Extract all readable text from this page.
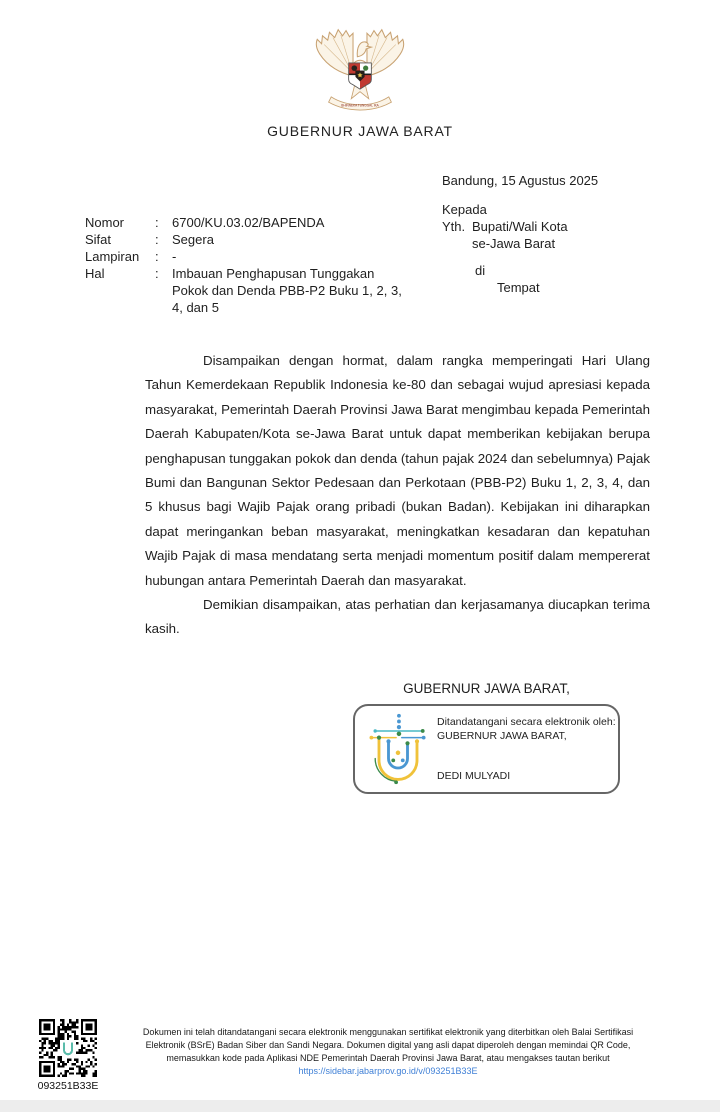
BHINNEKA TUNGGAL IKA
GUBERNUR JAWA BARAT
Nomor	:	6700/KU.03.02/BAPENDA
Sifat	:	Segera
Lampiran	:	-
Hal	:	Imbauan Penghapusan Tunggakan Pokok dan Denda PBB-P2 Buku 1, 2, 3, 4, dan 5
Bandung, 15 Agustus 2025
Kepada
Yth. Bupati/Wali Kota
se-Jawa Barat
di
Tempat

Disampaikan dengan hormat, dalam rangka memperingati Hari Ulang Tahun Kemerdekaan Republik Indonesia ke-80 dan sebagai wujud apresiasi kepada masyarakat, Pemerintah Daerah Provinsi Jawa Barat mengimbau kepada Pemerintah Daerah Kabupaten/Kota se-Jawa Barat untuk dapat memberikan kebijakan berupa penghapusan tunggakan pokok dan denda (tahun pajak 2024 dan sebelumnya) Pajak Bumi dan Bangunan Sektor Pedesaan dan Perkotaan (PBB-P2) Buku 1, 2, 3, 4, dan 5 khusus bagi Wajib Pajak orang pribadi (bukan Badan). Kebijakan ini diharapkan dapat meringankan beban masyarakat, meningkatkan kesadaran dan kepatuhan Wajib Pajak di masa mendatang serta menjadi momentum positif dalam mempererat hubungan antara Pemerintah Daerah dan masyarakat.

Demikian disampaikan, atas perhatian dan kerjasamanya diucapkan terima kasih.

GUBERNUR JAWA BARAT,
Ditandatangani secara elektronik oleh:
GUBERNUR JAWA BARAT,
DEDI MULYADI
093251B33E
Dokumen ini telah ditandatangani secara elektronik menggunakan sertifikat elektronik yang diterbitkan oleh Balai Sertifikasi Elektronik (BSrE) Badan Siber dan Sandi Negara. Dokumen digital yang asli dapat diperoleh dengan memindai QR Code, memasukkan kode pada Aplikasi NDE Pemerintah Daerah Provinsi Jawa Barat, atau mengakses tautan berikut
https://sidebar.jabarprov.go.id/v/093251B33E
